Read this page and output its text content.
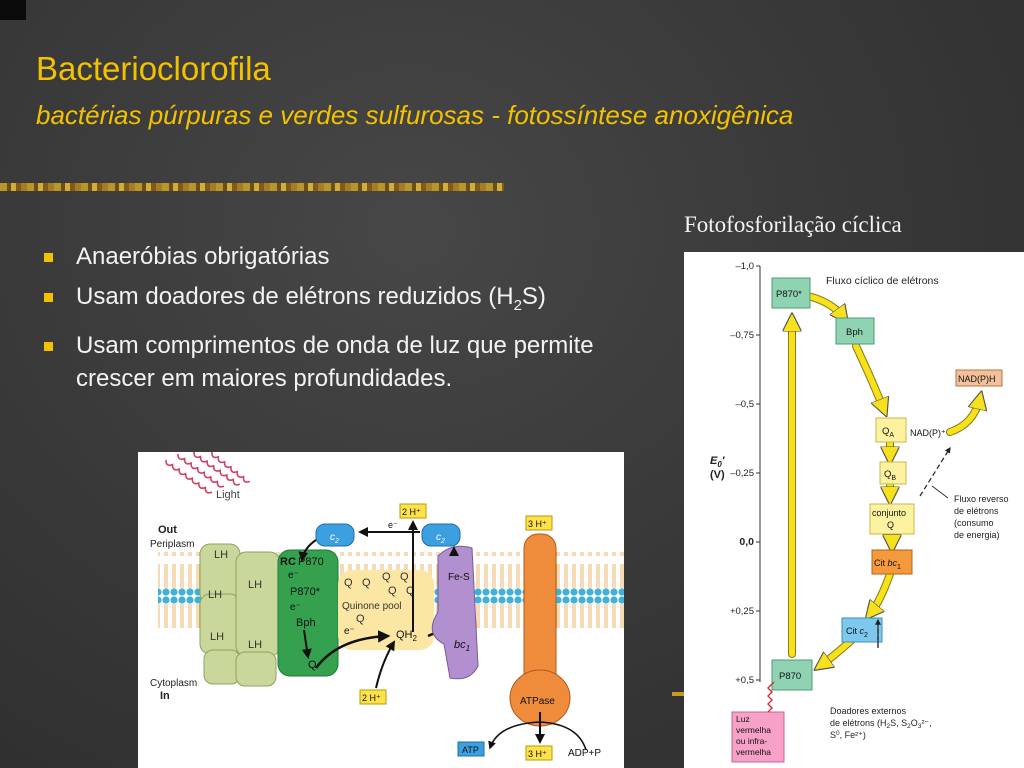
Bacterioclorofila
bactérias púrpuras e verdes sulfurosas - fotossíntese anoxigênica
Anaeróbias obrigatórias
Usam doadores de elétrons reduzidos $(H_2S)$
Usam comprimentos de onda de luz que permite crescer em maiores profundidades.
Fotofosforilação cíclica
Light
Out
Periplasm
Cytoplasm
In
LH
LH
LH
LH
LH
RC P870
e⁻
P870*
e⁻
Bph
Q
Q Q Q Q
Q Q
Quinone pool
Q
e⁻	$QH_2$
Fe-S
$bc_1$
$c_2$	$c_2$
e⁻
2 H⁺
2 H⁺	ATPase
3 H⁺
3 H⁺
ATP	ADP+P
–1,0
–0,75
–0,5
–0,25
0,0
+0,25
+0,5
$E_0'$
(V)
Fluxo cíclico de elétrons
P870*
Bph
NAD(P)H
$Q_A$ NAD(P)⁺
$Q_B$
conjunto
Q
Cit $bc_1$
Cit $c_2$
P870
Fluxo reverso
de elétrons
(consumo
de energia)
Luz
vermelha
ou infra-
vermelha
Doadores externos
de elétrons ($H_2S$, $S_2O_3^{2-}$,
$S^0$, Fe²⁺)
